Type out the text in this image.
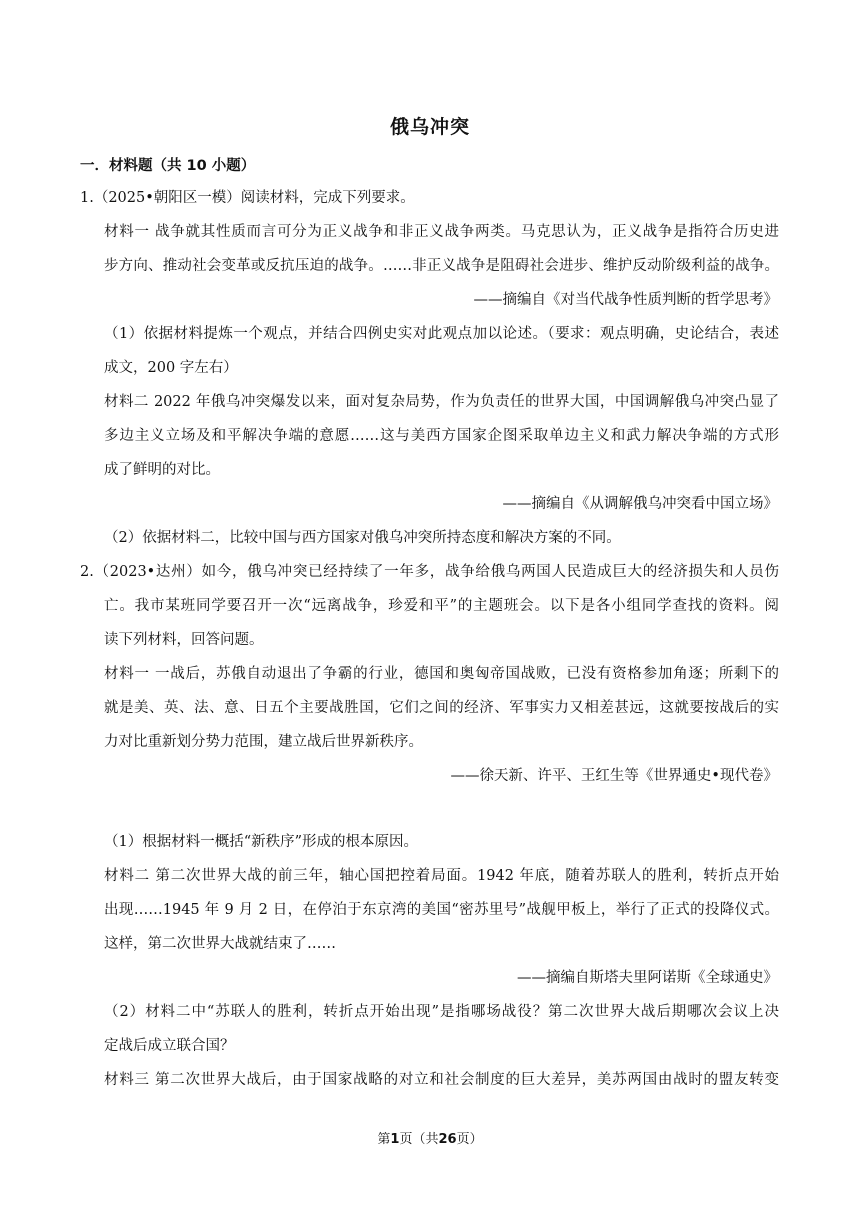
俄乌冲突
一．材料题（共 10 小题）
1.（2025•朝阳区一模）阅读材料，完成下列要求。
材料一 战争就其性质而言可分为正义战争和非正义战争两类。马克思认为，正义战争是指符合历史进
步方向、推动社会变革或反抗压迫的战争。……非正义战争是阻碍社会进步、维护反动阶级利益的战争。
——摘编自《对当代战争性质判断的哲学思考》
（1）依据材料提炼一个观点，并结合四例史实对此观点加以论述。（要求：观点明确，史论结合，表述
成文，200 字左右）
材料二 2022 年俄乌冲突爆发以来，面对复杂局势，作为负责任的世界大国，中国调解俄乌冲突凸显了
多边主义立场及和平解决争端的意愿……这与美西方国家企图采取单边主义和武力解决争端的方式形
成了鲜明的对比。
——摘编自《从调解俄乌冲突看中国立场》
（2）依据材料二，比较中国与西方国家对俄乌冲突所持态度和解决方案的不同。
2.（2023•达州）如今，俄乌冲突已经持续了一年多，战争给俄乌两国人民造成巨大的经济损失和人员伤
亡。我市某班同学要召开一次“远离战争，珍爱和平”的主题班会。以下是各小组同学查找的资料。阅
读下列材料，回答问题。
材料一 一战后，苏俄自动退出了争霸的行业，德国和奥匈帝国战败，已没有资格参加角逐；所剩下的
就是美、英、法、意、日五个主要战胜国，它们之间的经济、军事实力又相差甚远，这就要按战后的实
力对比重新划分势力范围，建立战后世界新秩序。
——徐天新、许平、王红生等《世界通史•现代卷》
（1）根据材料一概括“新秩序”形成的根本原因。
材料二 第二次世界大战的前三年，轴心国把控着局面。1942 年底，随着苏联人的胜利，转折点开始
出现……1945 年 9 月 2 日，在停泊于东京湾的美国“密苏里号”战舰甲板上，举行了正式的投降仪式。
这样，第二次世界大战就结束了……
——摘编自斯塔夫里阿诺斯《全球通史》
（2）材料二中“苏联人的胜利，转折点开始出现”是指哪场战役？第二次世界大战后期哪次会议上决
定战后成立联合国？
材料三 第二次世界大战后，由于国家战略的对立和社会制度的巨大差异，美苏两国由战时的盟友转变
第1页（共26页）
